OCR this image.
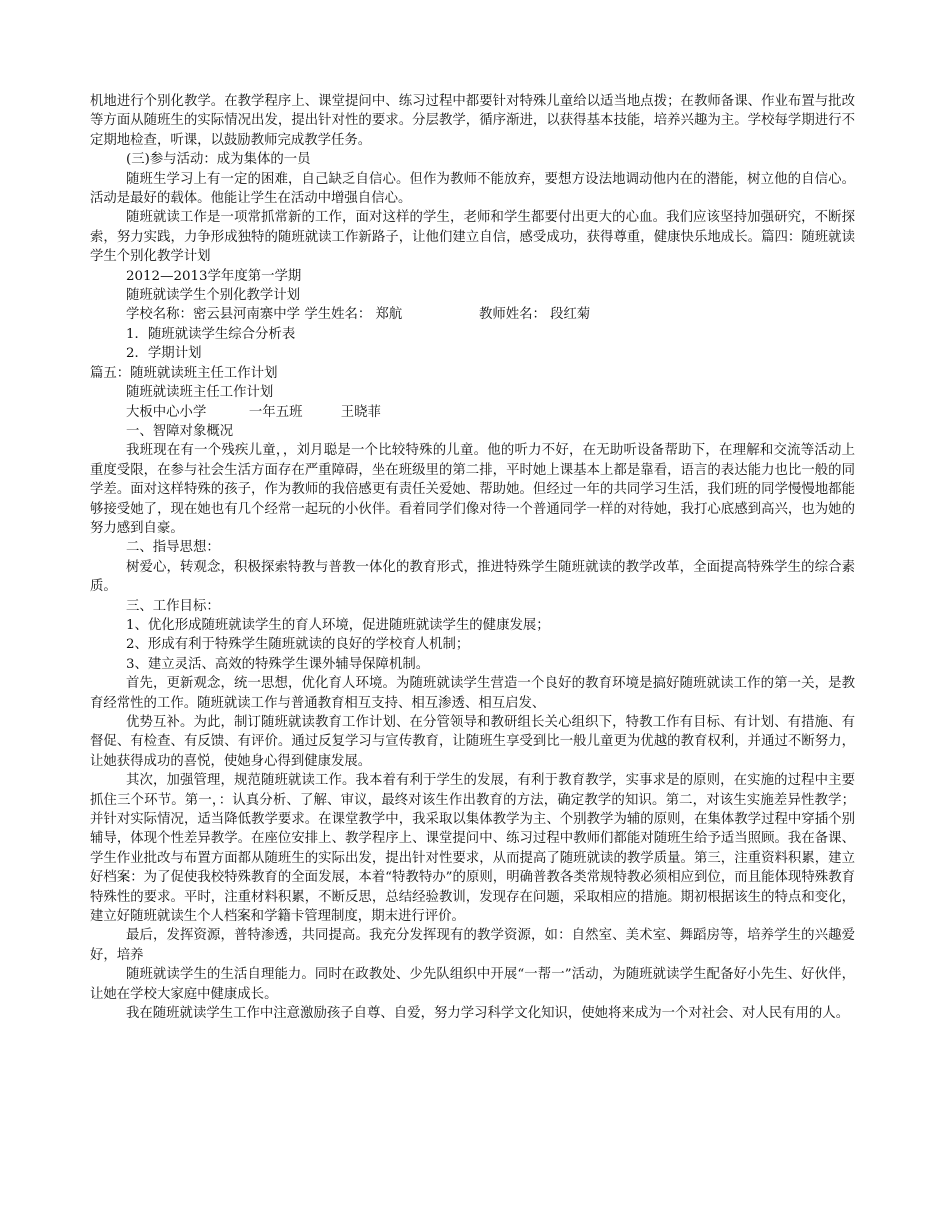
机地进行个别化教学。在教学程序上、课堂提问中、练习过程中都要针对特殊儿童给以适当地点拨；在教师备课、作业布置与批改等方面从随班生的实际情况出发，提出针对性的要求。分层教学，循序渐进，以获得基本技能，培养兴趣为主。学校每学期进行不定期地检查，听课，以鼓励教师完成教学任务。

(三)参与活动：成为集体的一员

随班生学习上有一定的困难，自己缺乏自信心。但作为教师不能放弃，要想方设法地调动他内在的潜能，树立他的自信心。活动是最好的载体。他能让学生在活动中增强自信心。

随班就读工作是一项常抓常新的工作，面对这样的学生，老师和学生都要付出更大的心血。我们应该坚持加强研究，不断探索，努力实践，力争形成独特的随班就读工作新路子，让他们建立自信，感受成功，获得尊重，健康快乐地成长。篇四：随班就读学生个别化教学计划

2012—2013学年度第一学期

随班就读学生个别化教学计划

学校名称：密云县河南寨中学 学生姓名： 郑航                  教师姓名： 段红菊

1．随班就读学生综合分析表

2．学期计划

篇五：随班就读班主任工作计划

随班就读班主任工作计划

大板中心小学          一年五班         王晓菲

一、智障对象概况

我班现在有一个残疾儿童，，刘月聪是一个比较特殊的儿童。他的听力不好，在无助听设备帮助下，在理解和交流等活动上重度受限，在参与社会生活方面存在严重障碍，坐在班级里的第二排，平时她上课基本上都是靠看，语言的表达能力也比一般的同学差。面对这样特殊的孩子，作为教师的我倍感更有责任关爱她、帮助她。但经过一年的共同学习生活，我们班的同学慢慢地都能够接受她了，现在她也有几个经常一起玩的小伙伴。看着同学们像对待一个普通同学一样的对待她，我打心底感到高兴，也为她的努力感到自豪。

二、指导思想：

树爱心，转观念，积极探索特教与普教一体化的教育形式，推进特殊学生随班就读的教学改革，全面提高特殊学生的综合素质。

三、工作目标：

1、优化形成随班就读学生的育人环境，促进随班就读学生的健康发展；

2、形成有利于特殊学生随班就读的良好的学校育人机制；

3、建立灵活、高效的特殊学生课外辅导保障机制。

首先，更新观念，统一思想，优化育人环境。为随班就读学生营造一个良好的教育环境是搞好随班就读工作的第一关，是教育经常性的工作。随班就读工作与普通教育相互支持、相互渗透、相互启发、

优势互补。为此，制订随班就读教育工作计划、在分管领导和教研组长关心组织下，特教工作有目标、有计划、有措施、有督促、有检查、有反馈、有评价。通过反复学习与宣传教育，让随班生享受到比一般儿童更为优越的教育权利，并通过不断努力，让她获得成功的喜悦，使她身心得到健康发展。

其次，加强管理，规范随班就读工作。我本着有利于学生的发展，有利于教育教学，实事求是的原则，在实施的过程中主要抓住三个环节。第一，：认真分析、了解、审议，最终对该生作出教育的方法，确定教学的知识。第二，对该生实施差异性教学；并针对实际情况，适当降低教学要求。在课堂教学中，我采取以集体教学为主、个别教学为辅的原则，在集体教学过程中穿插个别辅导，体现个性差异教学。在座位安排上、教学程序上、课堂提问中、练习过程中教师们都能对随班生给予适当照顾。我在备课、学生作业批改与布置方面都从随班生的实际出发，提出针对性要求，从而提高了随班就读的教学质量。第三，注重资料积累，建立好档案：为了促使我校特殊教育的全面发展，本着“特教特办”的原则，明确普教各类常规特教必须相应到位，而且能体现特殊教育特殊性的要求。平时，注重材料积累，不断反思，总结经验教训，发现存在问题，采取相应的措施。期初根据该生的特点和变化，建立好随班就读生个人档案和学籍卡管理制度，期末进行评价。

最后，发挥资源，普特渗透，共同提高。我充分发挥现有的教学资源，如：自然室、美术室、舞蹈房等，培养学生的兴趣爱好，培养

随班就读学生的生活自理能力。同时在政教处、少先队组织中开展“一帮一”活动，为随班就读学生配备好小先生、好伙伴，让她在学校大家庭中健康成长。

我在随班就读学生工作中注意激励孩子自尊、自爱，努力学习科学文化知识，使她将来成为一个对社会、对人民有用的人。
